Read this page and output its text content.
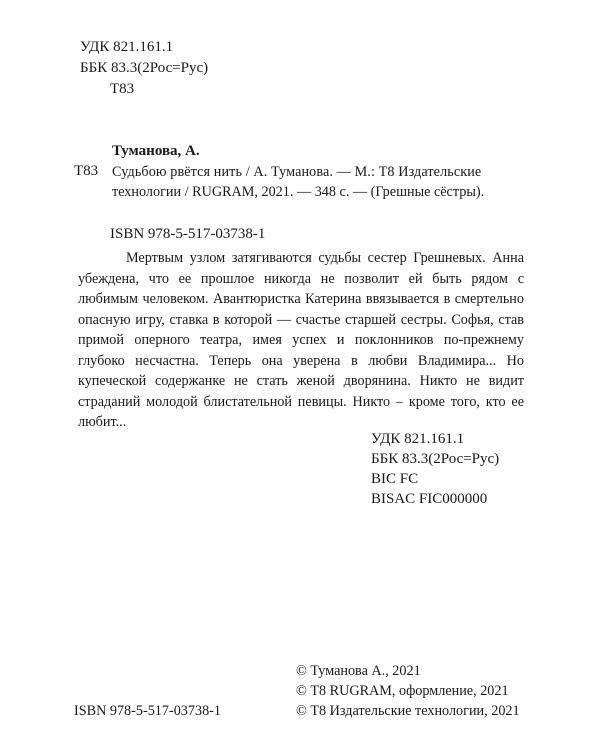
УДК 821.161.1
ББК 83.3(2Рос=Рус)
Т83
Туманова, А.
Т83 Судьбою рвётся нить / А. Туманова. — М.: Т8 Издательские
технологии / RUGRAM, 2021. — 348 с. — (Грешные сёстры).
ISBN 978-5-517-03738-1

Мертвым узлом затягиваются судьбы сестер Грешневых. Анна убеждена, что ее прошлое никогда не позволит ей быть рядом с любимым человеком. Авантюристка Катерина ввязывается в смертельно опасную игру, ставка в которой — счастье старшей сестры. Софья, став примой оперного театра, имея успех и поклонников по-прежнему глубоко несчастна. Теперь она уверена в любви Владимира... Но купеческой содержанке не стать женой дворянина. Никто не видит страданий молодой блистательной певицы. Никто – кроме того, кто ее любит...

УДК 821.161.1
ББК 83.3(2Рос=Рус)
BIC FC
BISAC FIC000000
© Туманова А., 2021
© Т8 RUGRAM, оформление, 2021
ISBN 978-5-517-03738-1	© Т8 Издательские технологии, 2021
